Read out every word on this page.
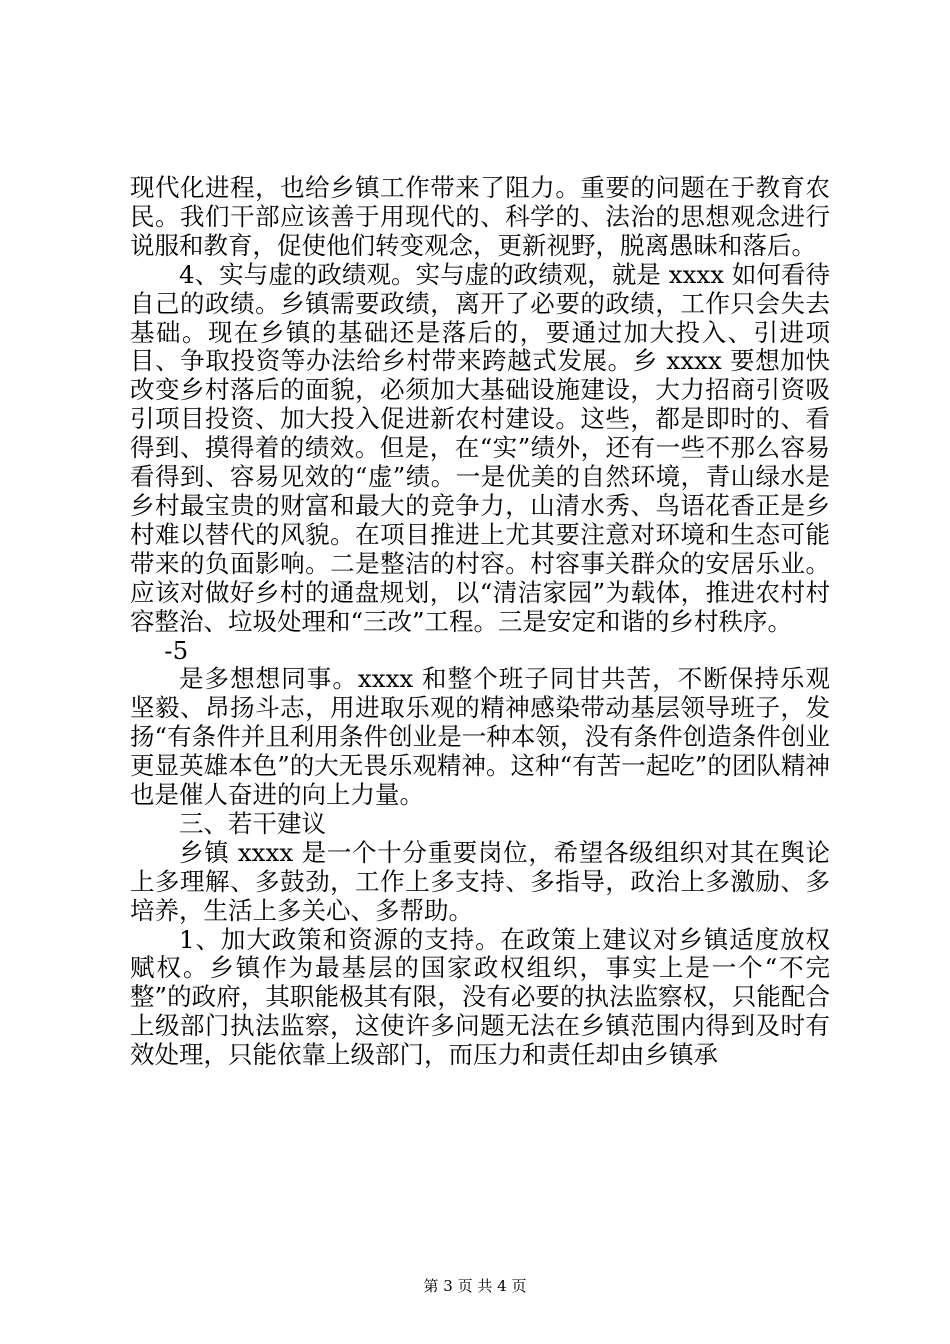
现代化进程，也给乡镇工作带来了阻力。重要的问题在于教育农民。我们干部应该善于用现代的、科学的、法治的思想观念进行说服和教育，促使他们转变观念，更新视野，脱离愚昧和落后。

4、实与虚的政绩观。实与虚的政绩观，就是 xxxx 如何看待自己的政绩。乡镇需要政绩，离开了必要的政绩，工作只会失去基础。现在乡镇的基础还是落后的，要通过加大投入、引进项目、争取投资等办法给乡村带来跨越式发展。乡 xxxx 要想加快改变乡村落后的面貌，必须加大基础设施建设，大力招商引资吸引项目投资、加大投入促进新农村建设。这些，都是即时的、看得到、摸得着的绩效。但是，在“实”绩外，还有一些不那么容易看得到、容易见效的“虚”绩。一是优美的自然环境，青山绿水是乡村最宝贵的财富和最大的竞争力，山清水秀、鸟语花香正是乡村难以替代的风貌。在项目推进上尤其要注意对环境和生态可能带来的负面影响。二是整洁的村容。村容事关群众的安居乐业。应该对做好乡村的通盘规划，以“清洁家园”为载体，推进农村村容整治、垃圾处理和“三改”工程。三是安定和谐的乡村秩序。

-5

是多想想同事。xxxx 和整个班子同甘共苦，不断保持乐观坚毅、昂扬斗志，用进取乐观的精神感染带动基层领导班子，发扬“有条件并且利用条件创业是一种本领，没有条件创造条件创业更显英雄本色”的大无畏乐观精神。这种“有苦一起吃”的团队精神也是催人奋进的向上力量。

三、若干建议

乡镇 xxxx 是一个十分重要岗位，希望各级组织对其在舆论上多理解、多鼓劲，工作上多支持、多指导，政治上多激励、多培养，生活上多关心、多帮助。

1、加大政策和资源的支持。在政策上建议对乡镇适度放权赋权。乡镇作为最基层的国家政权组织，事实上是一个“不完整”的政府，其职能极其有限，没有必要的执法监察权，只能配合上级部门执法监察，这使许多问题无法在乡镇范围内得到及时有效处理，只能依靠上级部门，而压力和责任却由乡镇承

第 3 页 共 4 页
